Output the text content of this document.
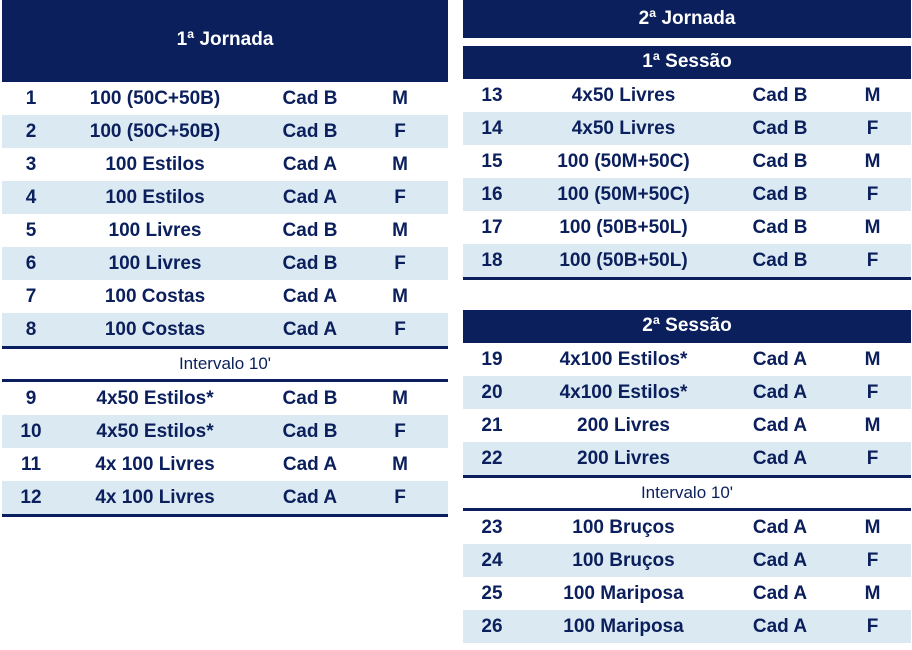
1ª Jornada
1	100 (50C+50B)	Cad B	M
2	100 (50C+50B)	Cad B	F
3	100 Estilos	Cad A	M
4	100 Estilos	Cad A	F
5	100 Livres	Cad B	M
6	100 Livres	Cad B	F
7	100 Costas	Cad A	M
8	100 Costas	Cad A	F
Intervalo 10'
9	4x50 Estilos*	Cad B	M
10	4x50 Estilos*	Cad B	F
11	4x 100 Livres	Cad A	M
12	4x 100 Livres	Cad A	F
2ª Jornada
1ª Sessão
13	4x50 Livres	Cad B	M
14	4x50 Livres	Cad B	F
15	100 (50M+50C)	Cad B	M
16	100 (50M+50C)	Cad B	F
17	100 (50B+50L)	Cad B	M
18	100 (50B+50L)	Cad B	F
2ª Sessão
19	4x100 Estilos*	Cad A	M
20	4x100 Estilos*	Cad A	F
21	200 Livres	Cad A	M
22	200 Livres	Cad A	F
Intervalo 10'
23	100 Bruços	Cad A	M
24	100 Bruços	Cad A	F
25	100 Mariposa	Cad A	M
26	100 Mariposa	Cad A	F
